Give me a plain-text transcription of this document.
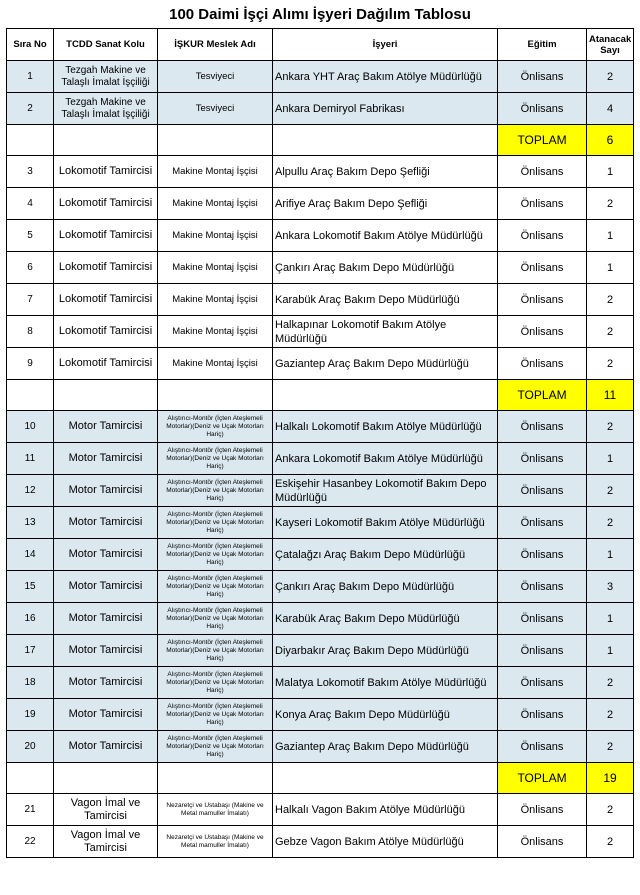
100 Daimi İşçi Alımı İşyeri Dağılım Tablosu
Sıra No	TCDD Sanat Kolu	İŞKUR Meslek Adı	İşyeri	Eğitim	Atanacak Sayı
1	Tezgah Makine ve Talaşlı İmalat İşçiliği	Tesviyeci	Ankara YHT Araç Bakım Atölye Müdürlüğü	Önlisans	2
2	Tezgah Makine ve Talaşlı İmalat İşçiliği	Tesviyeci	Ankara Demiryol Fabrikası	Önlisans	4
				TOPLAM	6
3	Lokomotif Tamircisi	Makine Montaj İşçisi	Alpullu Araç Bakım Depo Şefliği	Önlisans	1
4	Lokomotif Tamircisi	Makine Montaj İşçisi	Arifiye Araç Bakım Depo Şefliği	Önlisans	2
5	Lokomotif Tamircisi	Makine Montaj İşçisi	Ankara Lokomotif Bakım Atölye Müdürlüğü	Önlisans	1
6	Lokomotif Tamircisi	Makine Montaj İşçisi	Çankırı Araç Bakım Depo Müdürlüğü	Önlisans	1
7	Lokomotif Tamircisi	Makine Montaj İşçisi	Karabük Araç Bakım Depo Müdürlüğü	Önlisans	2
8	Lokomotif Tamircisi	Makine Montaj İşçisi	Halkapınar Lokomotif Bakım Atölye Müdürlüğü	Önlisans	2
9	Lokomotif Tamircisi	Makine Montaj İşçisi	Gaziantep Araç Bakım Depo Müdürlüğü	Önlisans	2
				TOPLAM	11
10	Motor Tamircisi	Alıştırıcı-Montör (İçten Ateşlemeli Motorlar)(Deniz ve Uçak Motorları Hariç)	Halkalı Lokomotif Bakım Atölye Müdürlüğü	Önlisans	2
11	Motor Tamircisi	Alıştırıcı-Montör (İçten Ateşlemeli Motorlar)(Deniz ve Uçak Motorları Hariç)	Ankara Lokomotif Bakım Atölye Müdürlüğü	Önlisans	1
12	Motor Tamircisi	Alıştırıcı-Montör (İçten Ateşlemeli Motorlar)(Deniz ve Uçak Motorları Hariç)	Eskişehir Hasanbey Lokomotif Bakım Depo Müdürlüğü	Önlisans	2
13	Motor Tamircisi	Alıştırıcı-Montör (İçten Ateşlemeli Motorlar)(Deniz ve Uçak Motorları Hariç)	Kayseri Lokomotif Bakım Atölye Müdürlüğü	Önlisans	2
14	Motor Tamircisi	Alıştırıcı-Montör (İçten Ateşlemeli Motorlar)(Deniz ve Uçak Motorları Hariç)	Çatalağzı Araç Bakım Depo Müdürlüğü	Önlisans	1
15	Motor Tamircisi	Alıştırıcı-Montör (İçten Ateşlemeli Motorlar)(Deniz ve Uçak Motorları Hariç)	Çankırı Araç Bakım Depo Müdürlüğü	Önlisans	3
16	Motor Tamircisi	Alıştırıcı-Montör (İçten Ateşlemeli Motorlar)(Deniz ve Uçak Motorları Hariç)	Karabük Araç Bakım Depo Müdürlüğü	Önlisans	1
17	Motor Tamircisi	Alıştırıcı-Montör (İçten Ateşlemeli Motorlar)(Deniz ve Uçak Motorları Hariç)	Diyarbakır Araç Bakım Depo Müdürlüğü	Önlisans	1
18	Motor Tamircisi	Alıştırıcı-Montör (İçten Ateşlemeli Motorlar)(Deniz ve Uçak Motorları Hariç)	Malatya Lokomotif Bakım Atölye Müdürlüğü	Önlisans	2
19	Motor Tamircisi	Alıştırıcı-Montör (İçten Ateşlemeli Motorlar)(Deniz ve Uçak Motorları Hariç)	Konya Araç Bakım Depo Müdürlüğü	Önlisans	2
20	Motor Tamircisi	Alıştırıcı-Montör (İçten Ateşlemeli Motorlar)(Deniz ve Uçak Motorları Hariç)	Gaziantep Araç Bakım Depo Müdürlüğü	Önlisans	2
				TOPLAM	19
21	Vagon İmal ve Tamircisi	Nezaretçi ve Ustabaşı (Makine ve Metal mamuller İmalatı)	Halkalı Vagon Bakım Atölye Müdürlüğü	Önlisans	2
22	Vagon İmal ve Tamircisi	Nezaretçi ve Ustabaşı (Makine ve Metal mamuller İmalatı)	Gebze Vagon Bakım Atölye Müdürlüğü	Önlisans	2
